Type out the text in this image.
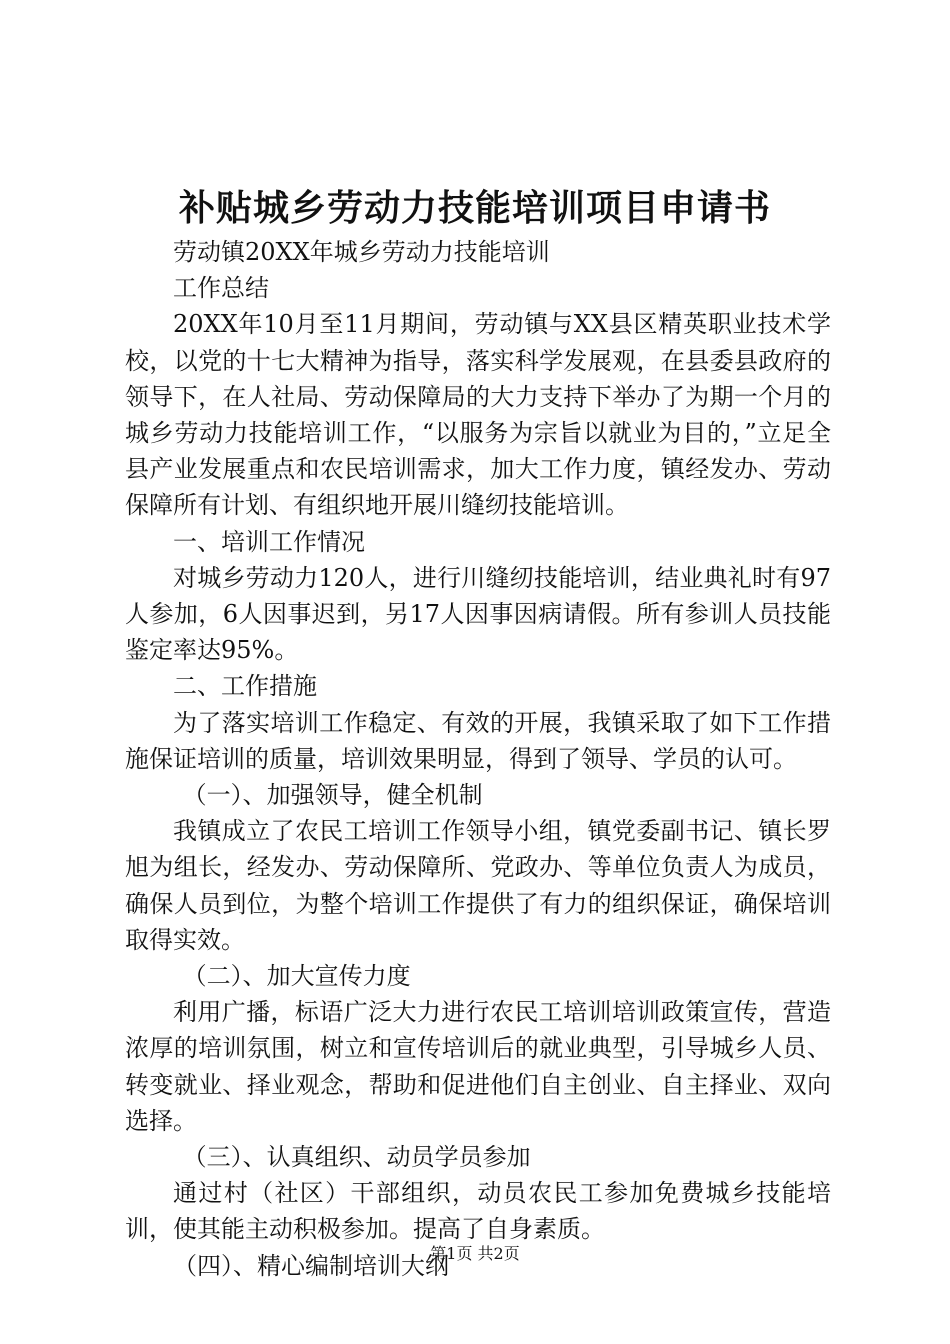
补贴城乡劳动力技能培训项目申请书

劳动镇20XX年城乡劳动力技能培训

工作总结

20XX年10月至11月期间，劳动镇与XX县区精英职业技术学校，以党的十七大精神为指导，落实科学发展观，在县委县政府的领导下，在人社局、劳动保障局的大力支持下举办了为期一个月的城乡劳动力技能培训工作，“以服务为宗旨以就业为目的，”立足全县产业发展重点和农民培训需求，加大工作力度，镇经发办、劳动保障所有计划、有组织地开展川缝纫技能培训。

一、培训工作情况

对城乡劳动力120人，进行川缝纫技能培训，结业典礼时有97人参加，6人因事迟到，另17人因事因病请假。所有参训人员技能鉴定率达95%。

二、工作措施

为了落实培训工作稳定、有效的开展，我镇采取了如下工作措施保证培训的质量，培训效果明显，得到了领导、学员的认可。

（一）、加强领导，健全机制

我镇成立了农民工培训工作领导小组，镇党委副书记、镇长罗旭为组长，经发办、劳动保障所、党政办、等单位负责人为成员，确保人员到位，为整个培训工作提供了有力的组织保证，确保培训取得实效。

（二）、加大宣传力度

利用广播，标语广泛大力进行农民工培训培训政策宣传，营造浓厚的培训氛围，树立和宣传培训后的就业典型，引导城乡人员、转变就业、择业观念，帮助和促进他们自主创业、自主择业、双向选择。

（三）、认真组织、动员学员参加

通过村（社区）干部组织，动员农民工参加免费城乡技能培训，使其能主动积极参加。提高了自身素质。

（四）、精心编制培训大纲

第1页 共2页
